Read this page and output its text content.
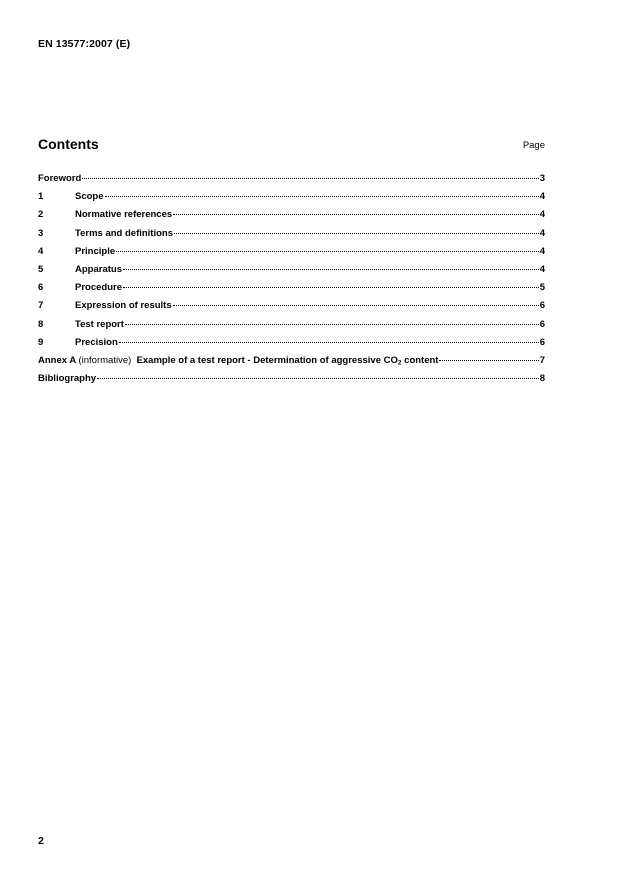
EN 13577:2007 (E)
Contents	Page
Foreword	3
1	Scope	4
2	Normative references	4
3	Terms and definitions	4
4	Principle	4
5	Apparatus	4
6	Procedure	5
7	Expression of results	6
8	Test report	6
9	Precision	6
Annex A (informative) Example of a test report - Determination of aggressive $CO_2$ content	7
Bibliography	8
2
